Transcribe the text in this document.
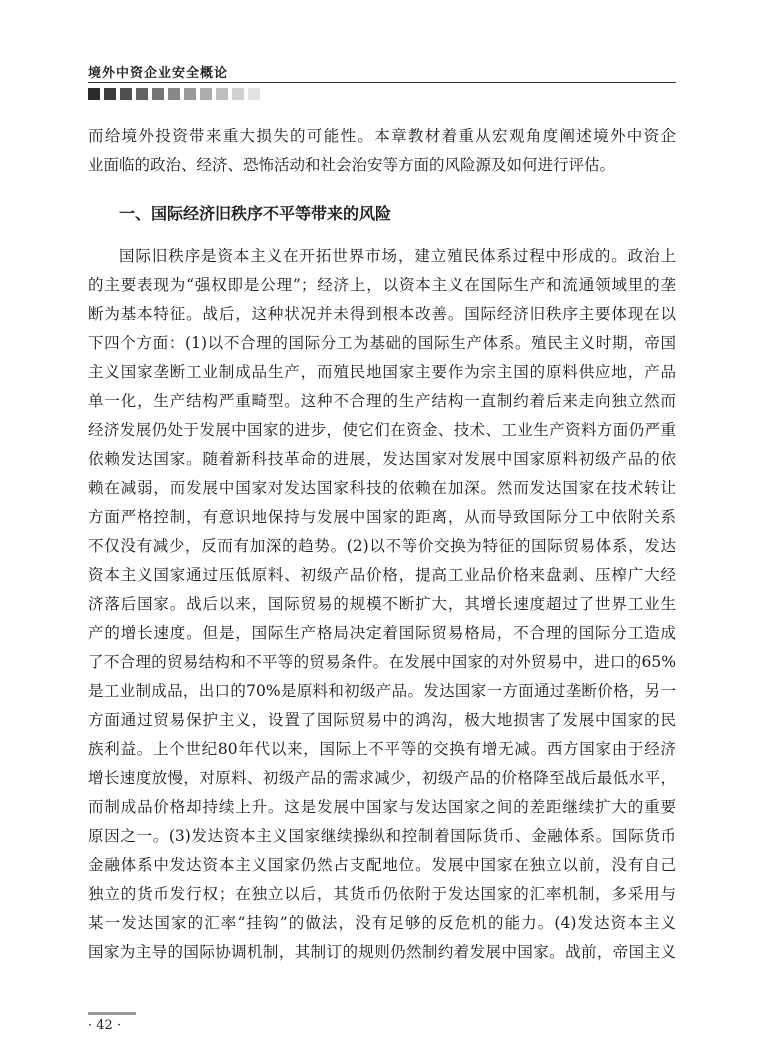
境外中资企业安全概论
而给境外投资带来重大损失的可能性。本章教材着重从宏观角度阐述境外中资企
业面临的政治、经济、恐怖活动和社会治安等方面的风险源及如何进行评估。
一、国际经济旧秩序不平等带来的风险
国际旧秩序是资本主义在开拓世界市场，建立殖民体系过程中形成的。政治上
的主要表现为“强权即是公理”；经济上，以资本主义在国际生产和流通领域里的垄
断为基本特征。战后，这种状况并未得到根本改善。国际经济旧秩序主要体现在以
下四个方面：(1)以不合理的国际分工为基础的国际生产体系。殖民主义时期，帝国
主义国家垄断工业制成品生产，而殖民地国家主要作为宗主国的原料供应地，产品
单一化，生产结构严重畸型。这种不合理的生产结构一直制约着后来走向独立然而
经济发展仍处于发展中国家的进步，使它们在资金、技术、工业生产资料方面仍严重
依赖发达国家。随着新科技革命的进展，发达国家对发展中国家原料初级产品的依
赖在减弱，而发展中国家对发达国家科技的依赖在加深。然而发达国家在技术转让
方面严格控制，有意识地保持与发展中国家的距离，从而导致国际分工中依附关系
不仅没有减少，反而有加深的趋势。(2)以不等价交换为特征的国际贸易体系，发达
资本主义国家通过压低原料、初级产品价格，提高工业品价格来盘剥、压榨广大经
济落后国家。战后以来，国际贸易的规模不断扩大，其增长速度超过了世界工业生
产的增长速度。但是，国际生产格局决定着国际贸易格局，不合理的国际分工造成
了不合理的贸易结构和不平等的贸易条件。在发展中国家的对外贸易中，进口的65%
是工业制成品，出口的70%是原料和初级产品。发达国家一方面通过垄断价格，另一
方面通过贸易保护主义，设置了国际贸易中的鸿沟，极大地损害了发展中国家的民
族利益。上个世纪80年代以来，国际上不平等的交换有增无减。西方国家由于经济
增长速度放慢，对原料、初级产品的需求减少，初级产品的价格降至战后最低水平，
而制成品价格却持续上升。这是发展中国家与发达国家之间的差距继续扩大的重要
原因之一。(3)发达资本主义国家继续操纵和控制着国际货币、金融体系。国际货币
金融体系中发达资本主义国家仍然占支配地位。发展中国家在独立以前，没有自己
独立的货币发行权；在独立以后，其货币仍依附于发达国家的汇率机制，多采用与
某一发达国家的汇率“挂钩”的做法，没有足够的反危机的能力。(4)发达资本主义
国家为主导的国际协调机制，其制订的规则仍然制约着发展中国家。战前，帝国主义
· 42 ·
